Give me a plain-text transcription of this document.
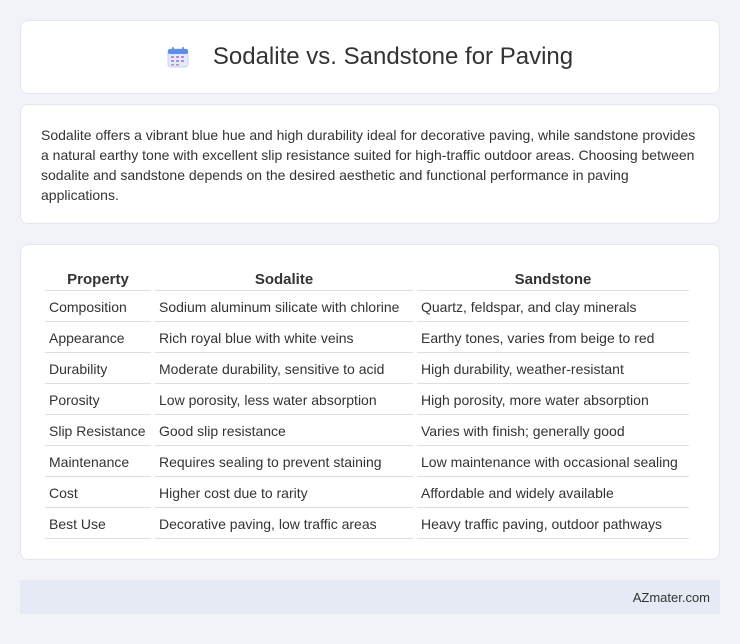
Sodalite vs. Sandstone for Paving

Sodalite offers a vibrant blue hue and high durability ideal for decorative paving, while sandstone provides a natural earthy tone with excellent slip resistance suited for high-traffic outdoor areas. Choosing between sodalite and sandstone depends on the desired aesthetic and functional performance in paving applications.

Property	Sodalite	Sandstone
Composition	Sodium aluminum silicate with chlorine	Quartz, feldspar, and clay minerals
Appearance	Rich royal blue with white veins	Earthy tones, varies from beige to red
Durability	Moderate durability, sensitive to acid	High durability, weather-resistant
Porosity	Low porosity, less water absorption	High porosity, more water absorption
Slip Resistance	Good slip resistance	Varies with finish; generally good
Maintenance	Requires sealing to prevent staining	Low maintenance with occasional sealing
Cost	Higher cost due to rarity	Affordable and widely available
Best Use	Decorative paving, low traffic areas	Heavy traffic paving, outdoor pathways
AZmater.com
